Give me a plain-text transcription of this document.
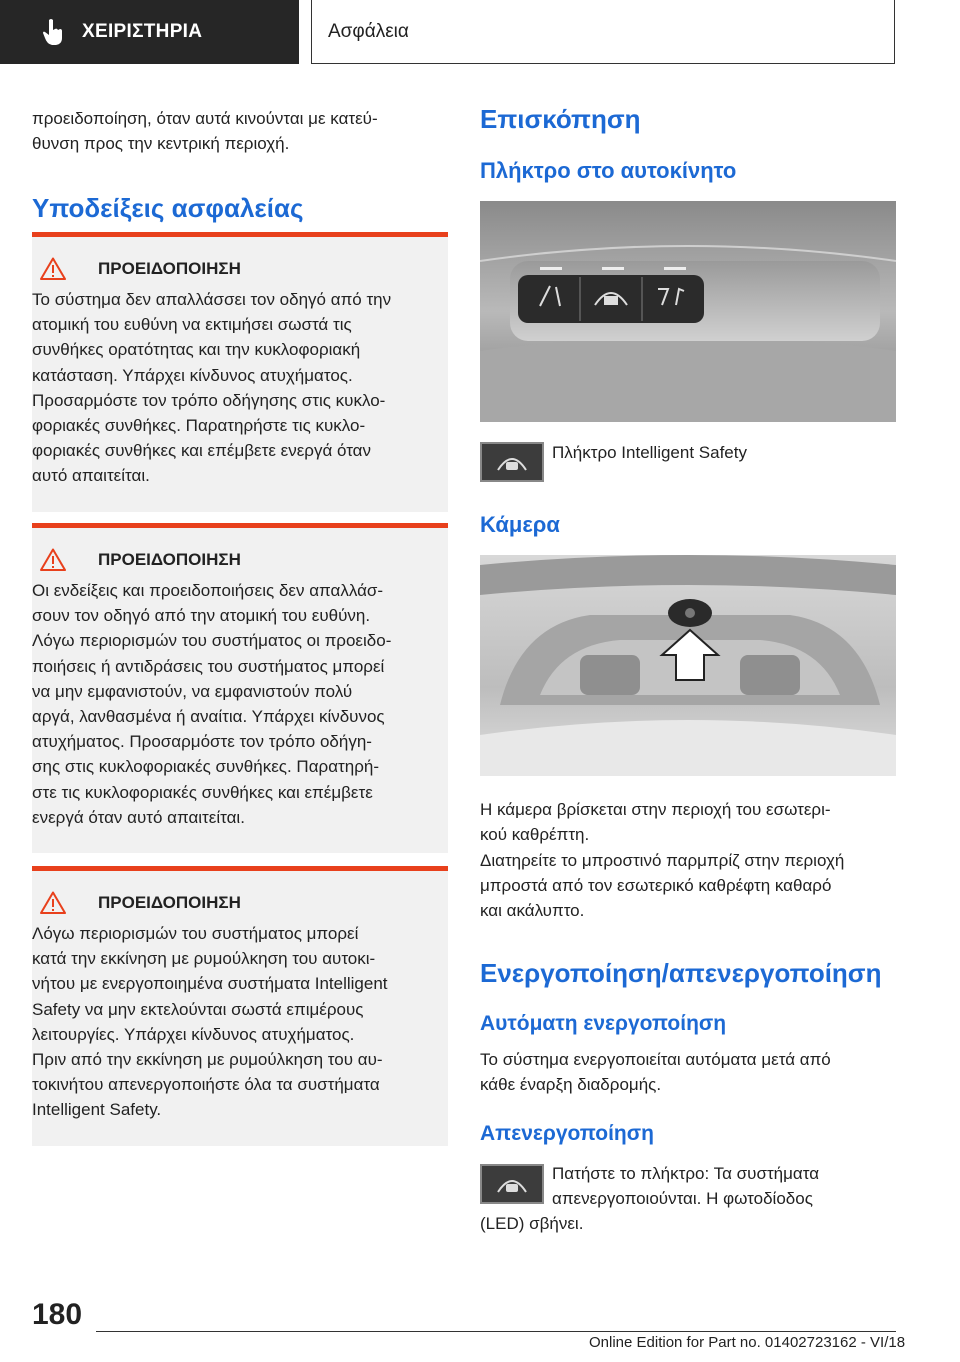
ΧΕΙΡΙΣΤΗΡΙΑ	Ασφάλεια
προειδοποίηση, όταν αυτά κινούνται με κατεύ-
θυνση προς την κεντρική περιοχή.
Υποδείξεις ασφαλείας
ΠΡΟΕΙΔΟΠΟΙΗΣΗ
Το σύστημα δεν απαλλάσσει τον οδηγό από την
ατομική του ευθύνη να εκτιμήσει σωστά τις
συνθήκες ορατότητας και την κυκλοφοριακή
κατάσταση. Υπάρχει κίνδυνος ατυχήματος.
Προσαρμόστε τον τρόπο οδήγησης στις κυκλο-
φοριακές συνθήκες. Παρατηρήστε τις κυκλο-
φοριακές συνθήκες και επέμβετε ενεργά όταν
αυτό απαιτείται.
ΠΡΟΕΙΔΟΠΟΙΗΣΗ
Οι ενδείξεις και προειδοποιήσεις δεν απαλλάσ-
σουν τον οδηγό από την ατομική του ευθύνη.
Λόγω περιορισμών του συστήματος οι προειδο-
ποιήσεις ή αντιδράσεις του συστήματος μπορεί
να μην εμφανιστούν, να εμφανιστούν πολύ
αργά, λανθασμένα ή αναίτια. Υπάρχει κίνδυνος
ατυχήματος. Προσαρμόστε τον τρόπο οδήγη-
σης στις κυκλοφοριακές συνθήκες. Παρατηρή-
στε τις κυκλοφοριακές συνθήκες και επέμβετε
ενεργά όταν αυτό απαιτείται.
ΠΡΟΕΙΔΟΠΟΙΗΣΗ
Λόγω περιορισμών του συστήματος μπορεί
κατά την εκκίνηση με ρυμούλκηση του αυτοκι-
νήτου με ενεργοποιημένα συστήματα Intelligent
Safety να μην εκτελούνται σωστά επιμέρους
λειτουργίες. Υπάρχει κίνδυνος ατυχήματος.
Πριν από την εκκίνηση με ρυμούλκηση του αυ-
τοκινήτου απενεργοποιήστε όλα τα συστήματα
Intelligent Safety.
Επισκόπηση
Πλήκτρο στο αυτοκίνητο
Πλήκτρο Intelligent Safety
Κάμερα
Η κάμερα βρίσκεται στην περιοχή του εσωτερι-
κού καθρέπτη.
Διατηρείτε το μπροστινό παρμπρίζ στην περιοχή
μπροστά από τον εσωτερικό καθρέφτη καθαρό
και ακάλυπτο.
Ενεργοποίηση/απενεργοποίηση
Αυτόματη ενεργοποίηση
Το σύστημα ενεργοποιείται αυτόματα μετά από
κάθε έναρξη διαδρομής.
Απενεργοποίηση
Πατήστε το πλήκτρο: Τα συστήματα
απενεργοποιούνται. Η φωτοδίοδος
(LED) σβήνει.
180
Online Edition for Part no. 01402723162 - VI/18
